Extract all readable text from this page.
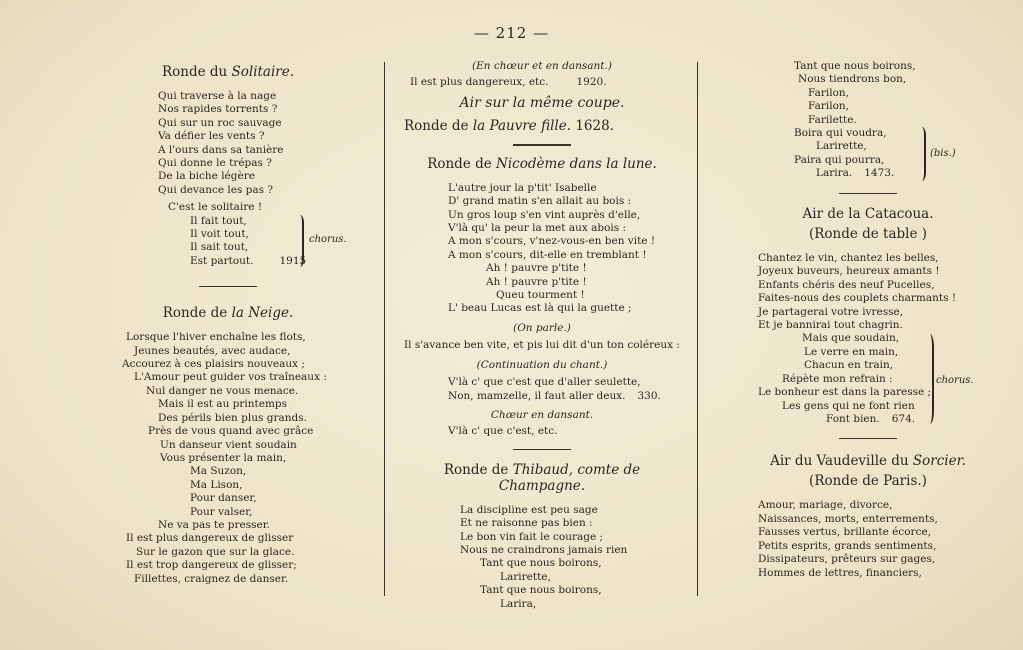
— 212 —
Ronde du Solitaire.
Qui traverse à la nage
Nos rapides torrents ?
Qui sur un roc sauvage
Va défier les vents ?
A l'ours dans sa tanière
Qui donne le trépas ?
De la biche légère
Qui devance les pas ?
C'est le solitaire !
Il fait tout,
Il voit tout,
Il sait tout,
Est partout. 1915
chorus.
Ronde de la Neige.
Lorsque l'hiver enchaîne les flots,
Jeunes beautés, avec audace,
Accourez à ces plaisirs nouveaux ;
L'Amour peut guider vos traîneaux :
Nul danger ne vous menace.
Mais il est au printemps
Des périls bien plus grands.
Près de vous quand avec grâce
Un danseur vient soudain
Vous présenter la main,
Ma Suzon,
Ma Lison,
Pour danser,
Pour valser,
Ne va pas te presser.
Il est plus dangereux de glisser
Sur le gazon que sur la glace.
Il est trop dangereux de glisser;
Fillettes, craignez de danser.
(En chœur et en dansant.)
Il est plus dangereux, etc.	1920.
Air sur la même coupe.
Ronde de la Pauvre fille. 1628.
Ronde de Nicodème dans la lune.
L'autre jour la p'tit' Isabelle
D' grand matin s'en allait au bois :
Un gros loup s'en vint auprès d'elle,
V'là qu' la peur la met aux abois :
A mon s'cours, v'nez-vous-en ben vite !
A mon s'cours, dit-elle en tremblant !
Ah ! pauvre p'tite !
Ah ! pauvre p'tite !
Queu tourment !
L' beau Lucas est là qui la guette ;
(On parle.)
Il s'avance ben vite, et pis lui dit d'un ton coléreux :
(Continuation du chant.)
V'là c' que c'est que d'aller seulette,
Non, mamzelle, il faut aller deux. 330.
Chœur en dansant.
V'là c' que c'est, etc.
Ronde de Thibaud, comte de Champagne.
La discipline est peu sage
Et ne raisonne pas bien :
Le bon vin fait le courage ;
Nous ne craindrons jamais rien
Tant que nous boirons,
Larirette,
Tant que nous boirons,
Larira,
Tant que nous boirons,
Nous tiendrons bon,
Farilon,
Farilon,
Farilette.
Boira qui voudra,
Larirette,
Paira qui pourra,
Larira. 1473.
(bis.)
Air de la Catacoua.
(Ronde de table )
Chantez le vin, chantez les belles,
Joyeux buveurs, heureux amants !
Enfants chéris des neuf Pucelles,
Faites-nous des couplets charmants !
Je partagerai votre ivresse,
Et je bannirai tout chagrin.
Mais que soudain,
Le verre en main,
Chacun en train,
Répète mon refrain :
Le bonheur est dans la paresse ;
Les gens qui ne font rien
Font bien. 674.
chorus.
Air du Vaudeville du Sorcier.
(Ronde de Paris.)
Amour, mariage, divorce,
Naissances, morts, enterrements,
Fausses vertus, brillante écorce,
Petits esprits, grands sentiments,
Dissipateurs, prêteurs sur gages,
Hommes de lettres, financiers,
